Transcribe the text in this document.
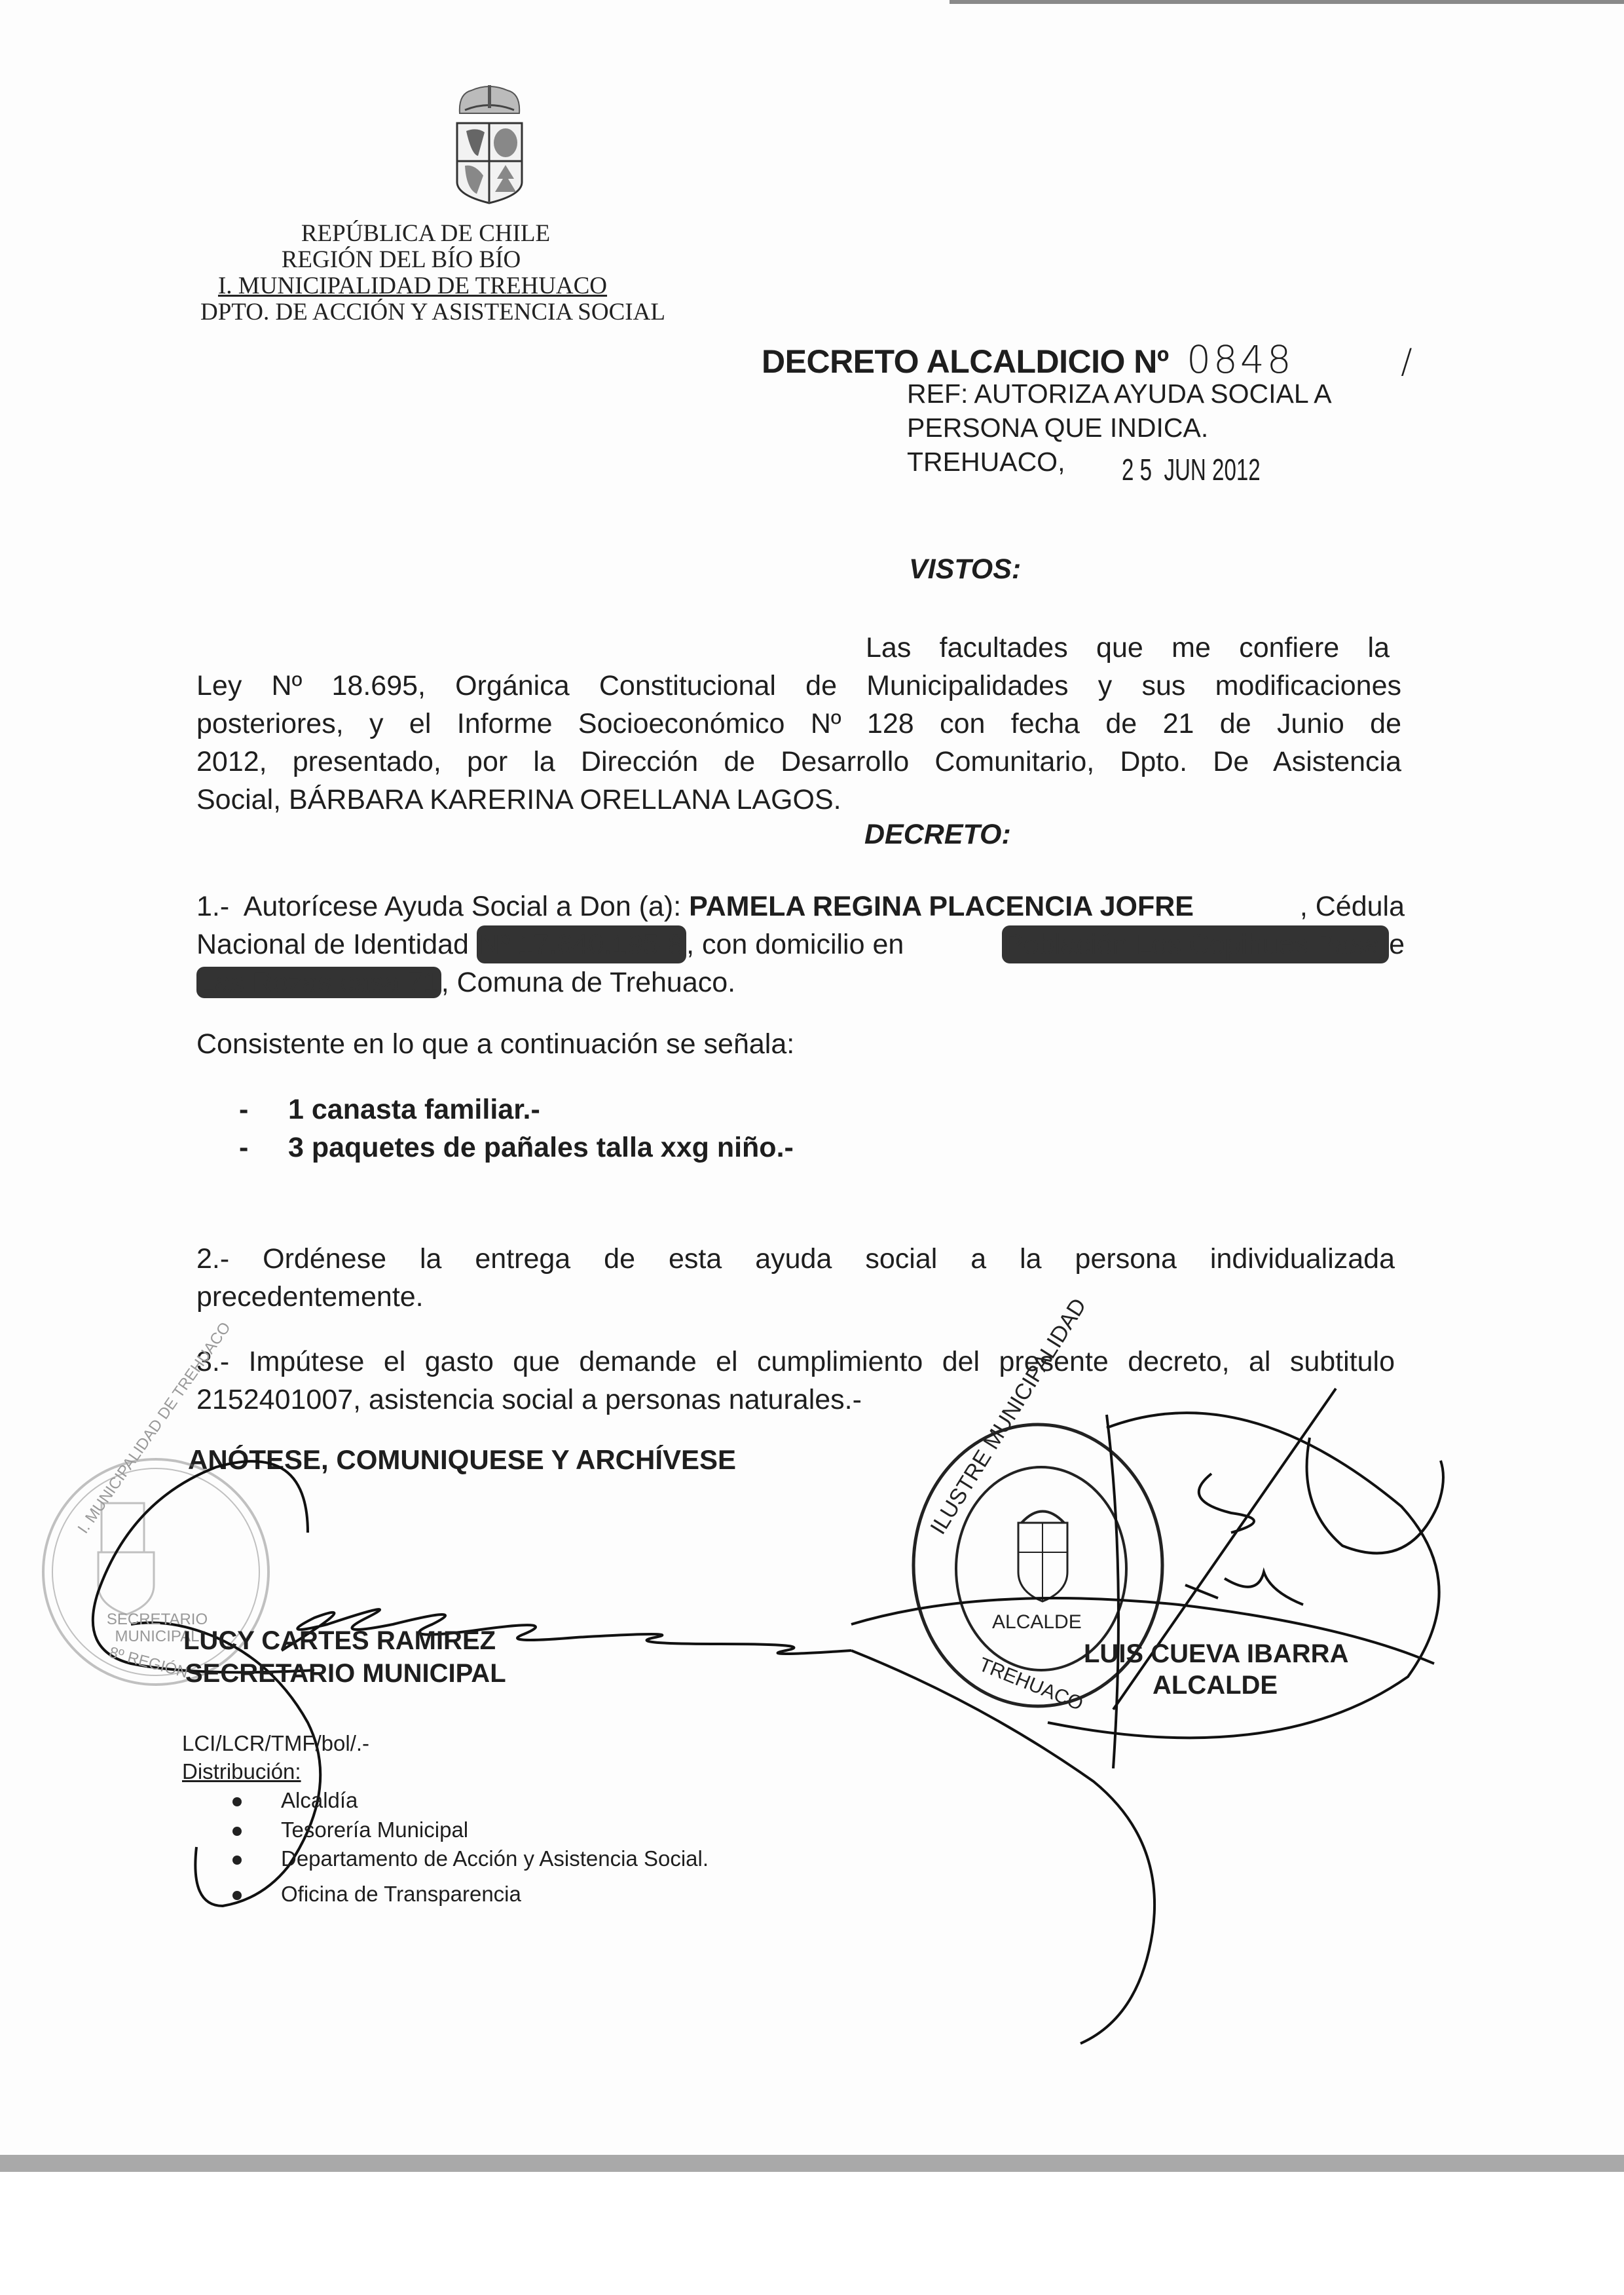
REPÚBLICA DE CHILE
REGIÓN DEL BÍO BÍO
I. MUNICIPALIDAD DE TREHUACO
DPTO. DE ACCIÓN Y ASISTENCIA SOCIAL
DECRETO ALCALDICIO Nº 0848	/
REF: AUTORIZA AYUDA SOCIAL A
PERSONA QUE INDICA.
TREHUACO, 2 5  JUN 2012
VISTOS:
Las facultades que me confiere la
Ley Nº 18.695, Orgánica Constitucional de Municipalidades y sus modificaciones
posteriores, y el Informe Socioeconómico Nº 128 con fecha de 21 de Junio de
2012, presentado, por la Dirección de Desarrollo Comunitario, Dpto. De Asistencia
Social, BÁRBARA KARERINA ORELLANA LAGOS.
DECRETO:
1.-  Autorícese Ayuda Social a Don (a): PAMELA REGINA PLACENCIA JOFRE	, Cédula
Nacional de Identidad Nº 17.640.195-8 , con domicilio en	Población Los Copihues Pasaj e
Las Rozas casa 71, Comuna de Trehuaco.
Consistente en lo que a continuación se señala:
- 1 canasta familiar.-
- 3 paquetes de pañales talla xxg niño.-
2.- Ordénese la entrega de esta ayuda social a la persona individualizada
precedentemente.
3.- Impútese el gasto que demande el cumplimiento del presente decreto, al subtitulo
2152401007, asistencia social a personas naturales.-
ANÓTESE, COMUNIQUESE Y ARCHÍVESE
I. MUNICIPALIDAD DE TREHUACO
SECRETARIO MUNICIPAL
8º REGIÓN
ILUSTRE MUNICIPALIDAD
ALCALDE
TREHUACO
LUCY CARTES RAMIREZ
SECRETARIO MUNICIPAL
LUIS CUEVA IBARRA
ALCALDE
LCI/LCR/TMF/bol/.-
Distribución:
Alcaldía
Tesorería Municipal
Departamento de Acción y Asistencia Social.
Oficina de Transparencia
